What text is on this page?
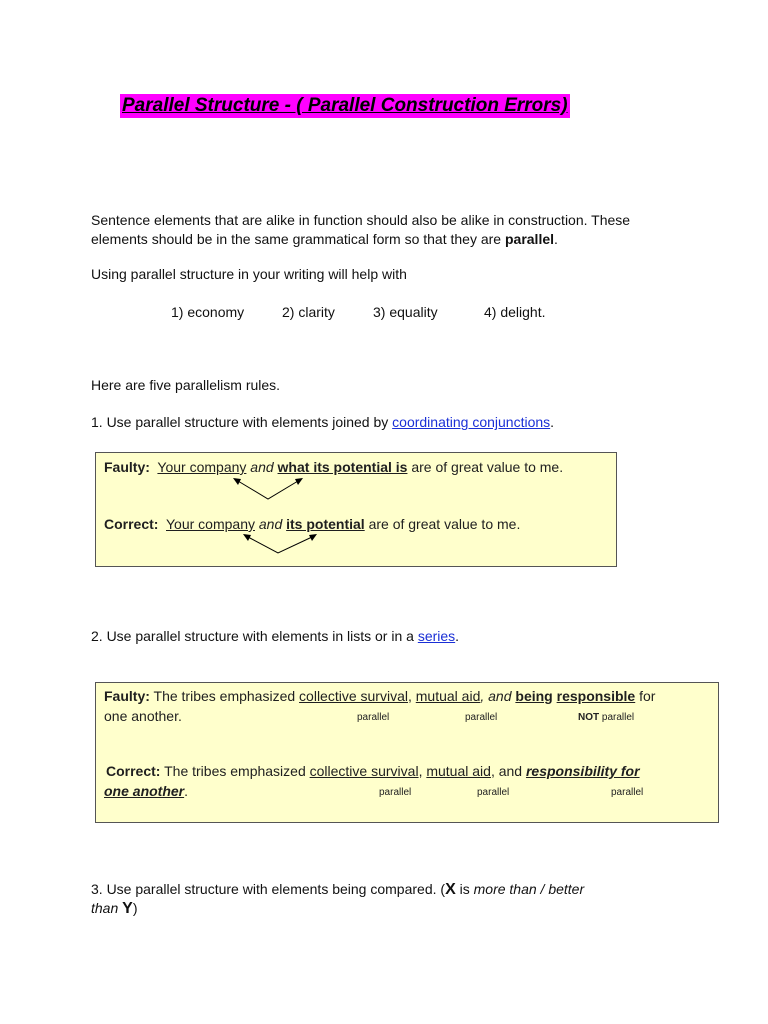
Parallel Structure - ( Parallel Construction Errors)
Sentence elements that are alike in function should also be alike in construction. These
elements should be in the same grammatical form so that they are parallel.
Using parallel structure in your writing will help with
1) economy	2) clarity	3) equality	4) delight.
Here are five parallelism rules.
1. Use parallel structure with elements joined by coordinating conjunctions.
Faulty: Your company and what its potential is are of great value to me.
Correct: Your company and its potential are of great value to me.
2. Use parallel structure with elements in lists or in a series.
Faulty: The tribes emphasized collective survival, mutual aid, and being responsible for
one another.	parallel	parallel	NOT parallel
Correct: The tribes emphasized collective survival, mutual aid, and responsibility for
one another.	parallel	parallel	parallel
3. Use parallel structure with elements being compared. (X is more than / better
than Y)
